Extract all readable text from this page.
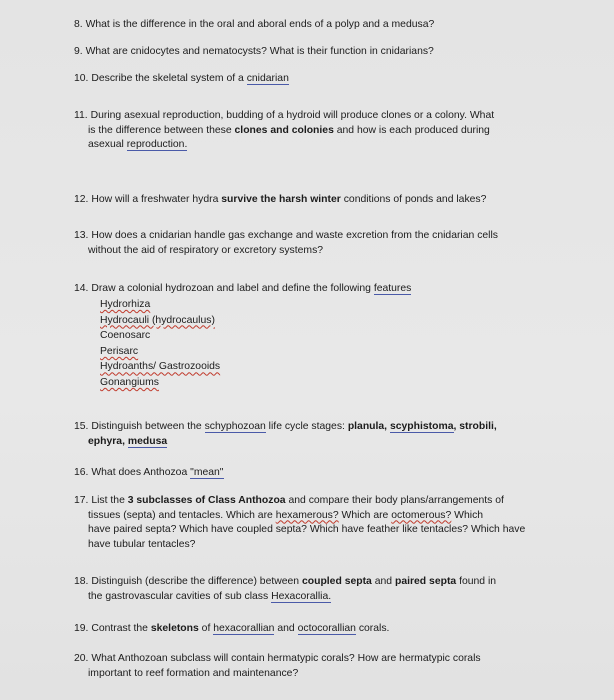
8. What is the difference in the oral and aboral ends of a polyp and a medusa?
9. What are cnidocytes and nematocysts? What is their function in cnidarians?
10. Describe the skeletal system of a cnidarian
11. During asexual reproduction, budding of a hydroid will produce clones or a colony. What
is the difference between these clones and colonies and how is each produced during
asexual reproduction.
12. How will a freshwater hydra survive the harsh winter conditions of ponds and lakes?
13. How does a cnidarian handle gas exchange and waste excretion from the cnidarian cells
without the aid of respiratory or excretory systems?
14. Draw a colonial hydrozoan and label and define the following features
Hydrorhiza
Hydrocauli (hydrocaulus)
Coenosarc
Perisarc
Hydroanths/ Gastrozooids
Gonangiums
15. Distinguish between the schyphozoan life cycle stages: planula, scyphistoma, strobili,
ephyra, medusa
16. What does Anthozoa "mean"
17. List the 3 subclasses of Class Anthozoa and compare their body plans/arrangements of
tissues (septa) and tentacles. Which are hexamerous? Which are octomerous? Which
have paired septa? Which have coupled septa? Which have feather like tentacles? Which have
have tubular tentacles?
18. Distinguish (describe the difference) between coupled septa and paired septa found in
the gastrovascular cavities of sub class Hexacorallia.
19. Contrast the skeletons of hexacorallian and octocorallian corals.
20. What Anthozoan subclass will contain hermatypic corals? How are hermatypic corals
important to reef formation and maintenance?
